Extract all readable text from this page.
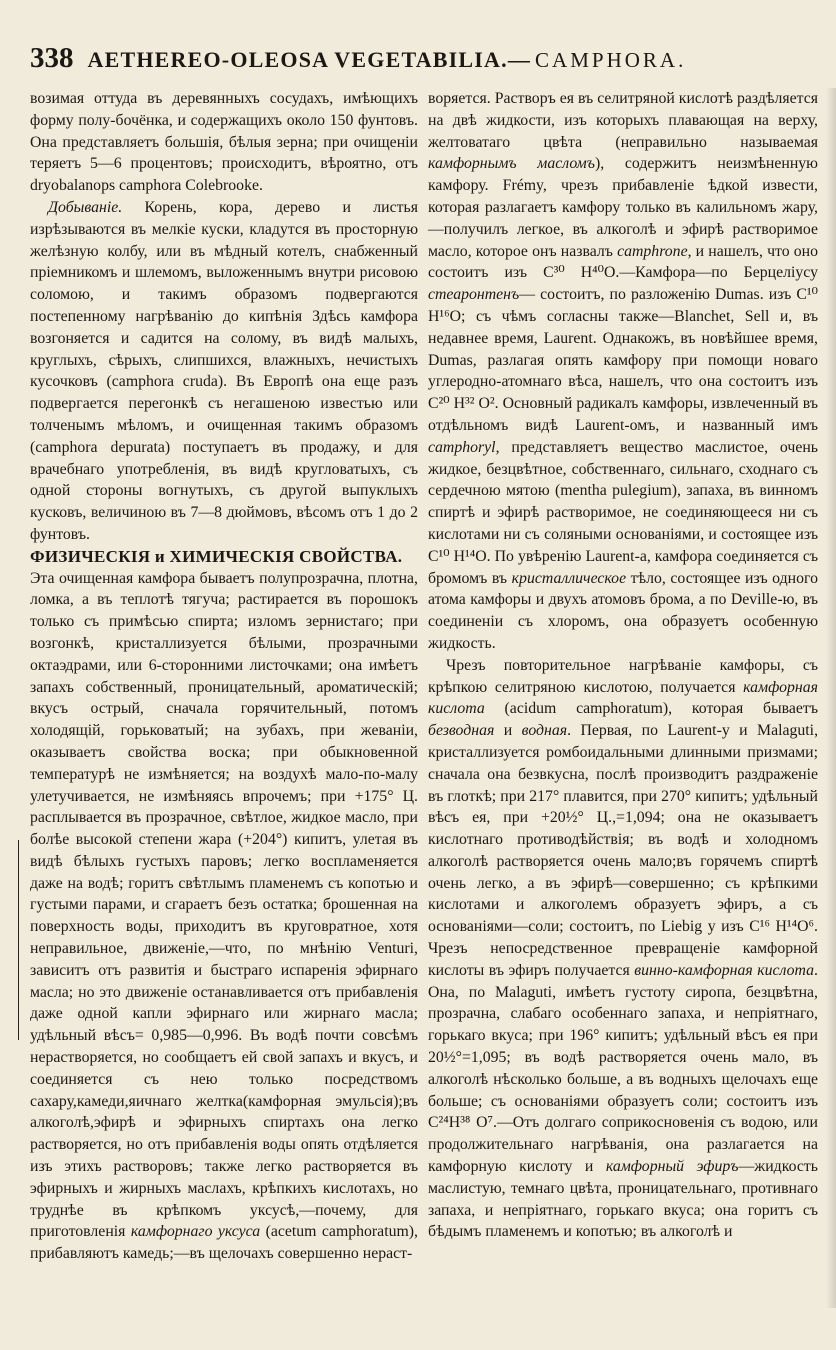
338 AETHEREO-OLEOSA VEGETABILIA.— CAMPHORA.

возимая оттуда въ деревянныхъ сосудахъ, имѣющихъ форму полу-бочёнка, и содержащихъ около 150 фунтовъ. Она представляетъ большія, бѣлыя зерна; при очищеніи теряетъ 5—6 процентовъ; происходитъ, вѣроятно, отъ dryobalanops camphora Colebrooke.

Добываніе. Корень, кора, дерево и листья изрѣзываются въ мелкіе куски, кладутся въ просторную желѣзную колбу, или въ мѣдный котелъ, снабженный пріемникомъ и шлемомъ, выложеннымъ внутри рисовою соломою, и такимъ образомъ подвергаются постепенному нагрѣванію до кипѣнія Здѣсь камфора возгоняется и садится на солому, въ видѣ малыхъ, круглыхъ, сѣрыхъ, слипшихся, влажныхъ, нечистыхъ кусочковъ (camphora cruda). Въ Европѣ она еще разъ подвергается перегонкѣ съ негашеною известью или толченымъ мѣломъ, и очищенная такимъ образомъ (camphora depurata) поступаетъ въ продажу, и для врачебнаго употребленія, въ видѣ кругловатыхъ, съ одной стороны вогнутыхъ, съ другой выпуклыхъ кусковъ, величиною въ 7—8 дюймовъ, вѣсомъ отъ 1 до 2 фунтовъ.

ФИЗИЧЕСКІЯ и ХИМИЧЕСКІЯ СВОЙСТВА.

Эта очищенная камфора бываетъ полупрозрачна, плотна, ломка, а въ теплотѣ тягуча; растирается въ порошокъ только съ примѣсью спирта; изломъ зернистаго; при возгонкѣ, кристаллизуется бѣлыми, прозрачными октаэдрами, или 6-сторонними листочками; она имѣетъ запахъ собственный, проницательный, ароматическій; вкусъ острый, сначала горячительный, потомъ холодящій, горьковатый; на зубахъ, при жеваніи, оказываетъ свойства воска; при обыкновенной температурѣ не измѣняется; на воздухѣ мало-по-малу улетучивается, не измѣняясь впрочемъ; при +175° Ц. расплывается въ прозрачное, свѣтлое, жидкое масло, при болѣе высокой степени жара (+204°) кипитъ, улетая въ видѣ бѣлыхъ густыхъ паровъ; легко воспламеняется даже на водѣ; горитъ свѣтлымъ пламенемъ съ копотью и густыми парами, и сгараетъ безъ остатка; брошенная на поверхность воды, приходитъ въ круговратное, хотя неправильное, движеніе,—что, по мнѣнію Venturi, зависитъ отъ развитія и быстраго испаренія эфирнаго масла; но это движеніе останавливается отъ прибавленія даже одной капли эфирнаго или жирнаго масла; удѣльный вѣсъ= 0,985—0,996. Въ водѣ почти совсѣмъ нерастворяется, но сообщаетъ ей свой запахъ и вкусъ, и соединяется съ нею только посредствомъ сахару,камеди,яичнаго желтка(камфорная эмульсія);въ алкоголѣ,эфирѣ и эфирныхъ спиртахъ она легко растворяется, но отъ прибавленія воды опять отдѣляется изъ этихъ растворовъ; также легко растворяется въ эфирныхъ и жирныхъ маслахъ, крѣпкихъ кислотахъ, но труднѣе въ крѣпкомъ уксусѣ,—почему, для приготовленія камфорнаго уксуса (acetum camphoratum), прибавляютъ камедь;—въ щелочахъ совершенно нераст-

воряется. Растворъ ея въ селитряной кислотѣ раздѣляется на двѣ жидкости, изъ которыхъ плавающая на верху, желтоватаго цвѣта (неправильно называемая камфорнымъ масломъ), содержитъ неизмѣненную камфору. Frémy, чрезъ прибавленіе ѣдкой извести, которая разлагаетъ камфору только въ калильномъ жару,—получилъ легкое, въ алкоголѣ и эфирѣ растворимое масло, которое онъ назвалъ camphrone, и нашелъ, что оно состоитъ изъ C³⁰ H⁴⁰O.—Камфора—по Берцеліусу стеаронтенъ— состоитъ, по разложенію Dumas. изъ C¹⁰ H¹⁶O; съ чѣмъ согласны также—Blanchet, Sell и, въ недавнее время, Laurent. Однакожъ, въ новѣйшее время, Dumas, разлагая опять камфору при помощи новаго углеродно-атомнаго вѣса, нашелъ, что она состоитъ изъ C²⁰ H³² O². Основный радикалъ камфоры, извлеченный въ отдѣльномъ видѣ Laurent-омъ, и названный имъ camphoryl, представляетъ вещество маслистое, очень жидкое, безцвѣтное, собственнаго, сильнаго, сходнаго съ сердечною мятою (mentha pulegium), запаха, въ винномъ спиртѣ и эфирѣ растворимое, не соединяющееся ни съ кислотами ни съ соляными основаніями, и состоящее изъ C¹⁰ H¹⁴O. По увѣренію Laurent-а, камфора соединяется съ бромомъ въ кристаллическое тѣло, состоящее изъ одного атома камфоры и двухъ атомовъ брома, а по Deville-ю, въ соединеніи съ хлоромъ, она образуетъ особенную жидкость.

Чрезъ повторительное нагрѣваніе камфоры, съ крѣпкою селитряною кислотою, получается камфорная кислота (acidum camphoratum), которая бываетъ безводная и водная. Первая, по Laurent-у и Malaguti, кристаллизуется ромбоидальными длинными призмами; сначала она безвкусна, послѣ производитъ раздраженіе въ глоткѣ; при 217° плавится, при 270° кипитъ; удѣльный вѣсъ ея, при +20½° Ц.,=1,094; она не оказываетъ кислотнаго противодѣйствія; въ водѣ и холодномъ алкоголѣ растворяется очень мало;въ горячемъ спиртѣ очень легко, а въ эфирѣ—совершенно; съ крѣпкими кислотами и алкоголемъ образуетъ эфиръ, а съ основаніями—соли; состоитъ, по Liebig у изъ C¹⁶ H¹⁴O⁶. Чрезъ непосредственное превращеніе камфорной кислоты въ эфиръ получается винно-камфорная кислота. Она, по Malaguti, имѣетъ густоту сиропа, безцвѣтна, прозрачна, слабаго особеннаго запаха, и непріятнаго, горькаго вкуса; при 196° кипитъ; удѣльный вѣсъ ея при 20½°=1,095; въ водѣ растворяется очень мало, въ алкоголѣ нѣсколько больше, а въ водныхъ щелочахъ еще больше; съ основаніями образуетъ соли; состоитъ изъ C²⁴H³⁸ O⁷.—Отъ долгаго соприкосновенія съ водою, или продолжительнаго нагрѣванія, она разлагается на камфорную кислоту и камфорный эфиръ—жидкость маслистую, темнаго цвѣта, проницательнаго, противнаго запаха, и непріятнаго, горькаго вкуса; она горитъ съ бѣдымъ пламенемъ и копотью; въ алкоголѣ и
